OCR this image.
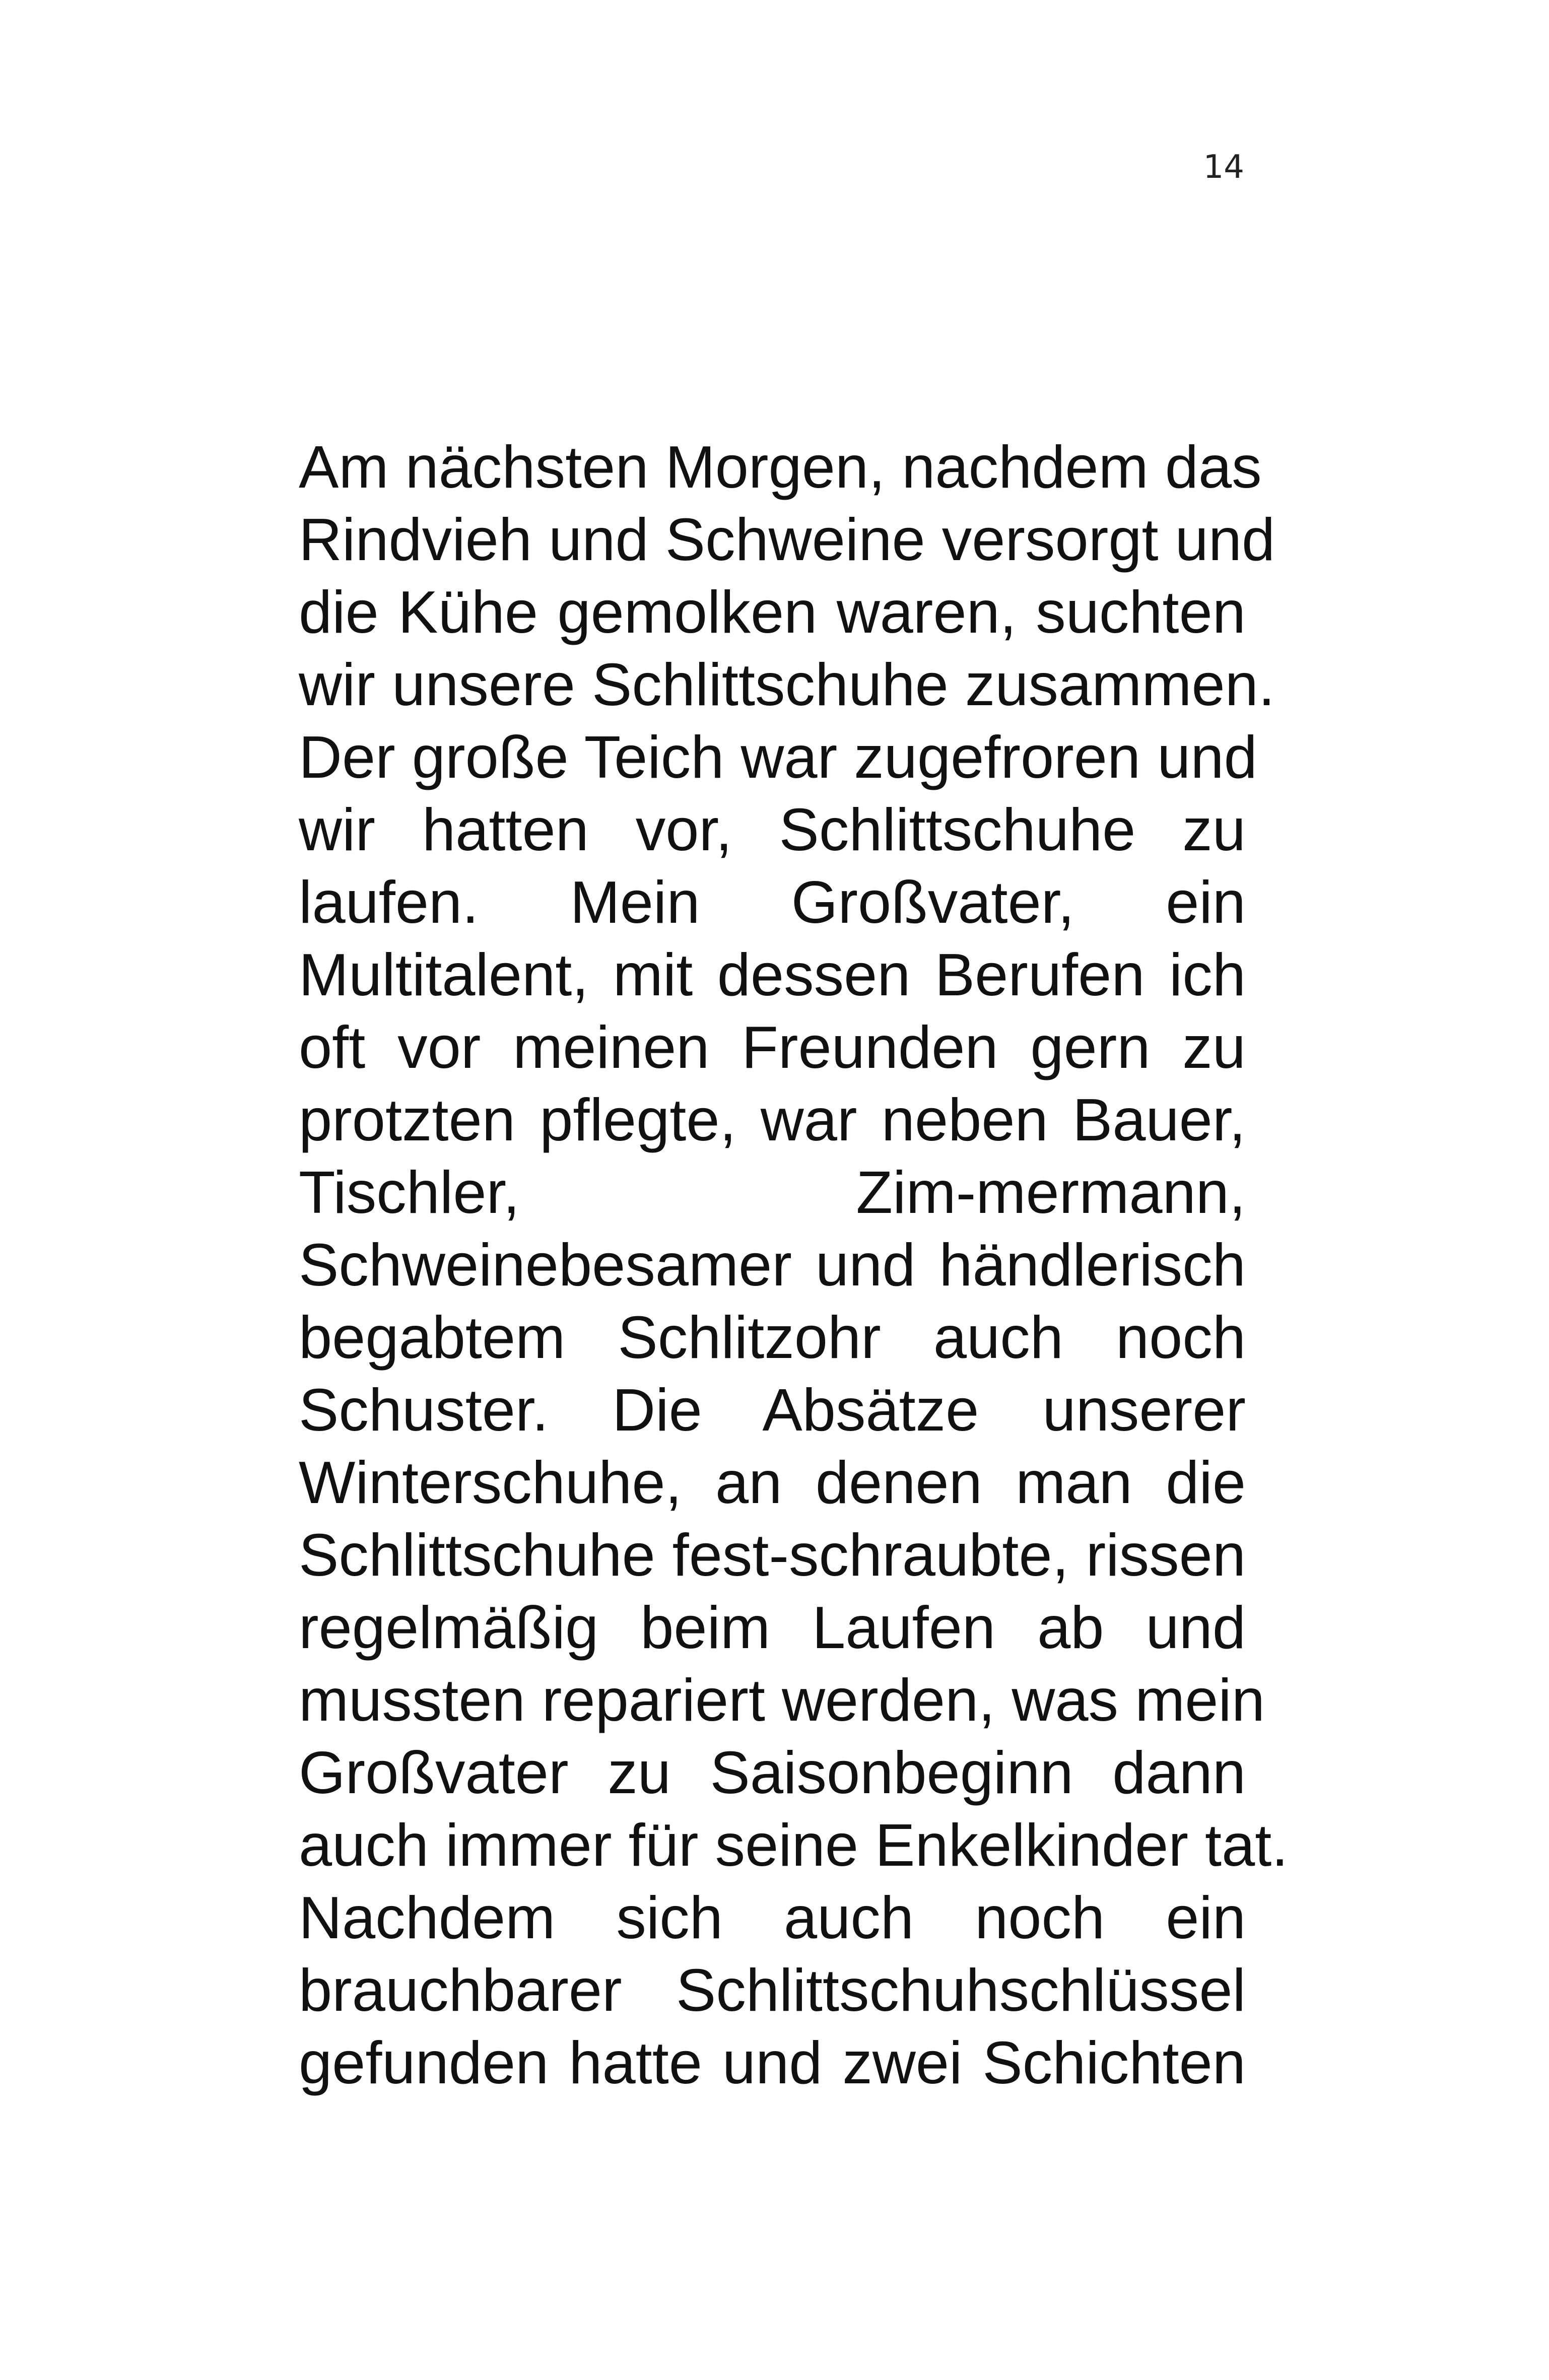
14
Am nächsten Morgen, nachdem das
Rindvieh und Schweine versorgt und
die Kühe gemolken waren, suchten
wir unsere Schlittschuhe zusammen.
Der große Teich war zugefroren und
wir hatten vor, Schlittschuhe zu
laufen. Mein Großvater, ein
Multitalent, mit dessen Berufen ich
oft vor meinen Freunden gern zu
protzten pflegte, war neben Bauer,
Tischler, Zim-mermann,
Schweinebesamer und händlerisch
begabtem Schlitzohr auch noch
Schuster. Die Absätze unserer
Winterschuhe, an denen man die
Schlittschuhe fest-schraubte, rissen
regelmäßig beim Laufen ab und
mussten repariert werden, was mein
Großvater zu Saisonbeginn dann
auch immer für seine Enkelkinder tat.
Nachdem sich auch noch ein
brauchbarer Schlittschuhschlüssel
gefunden hatte und zwei Schichten
